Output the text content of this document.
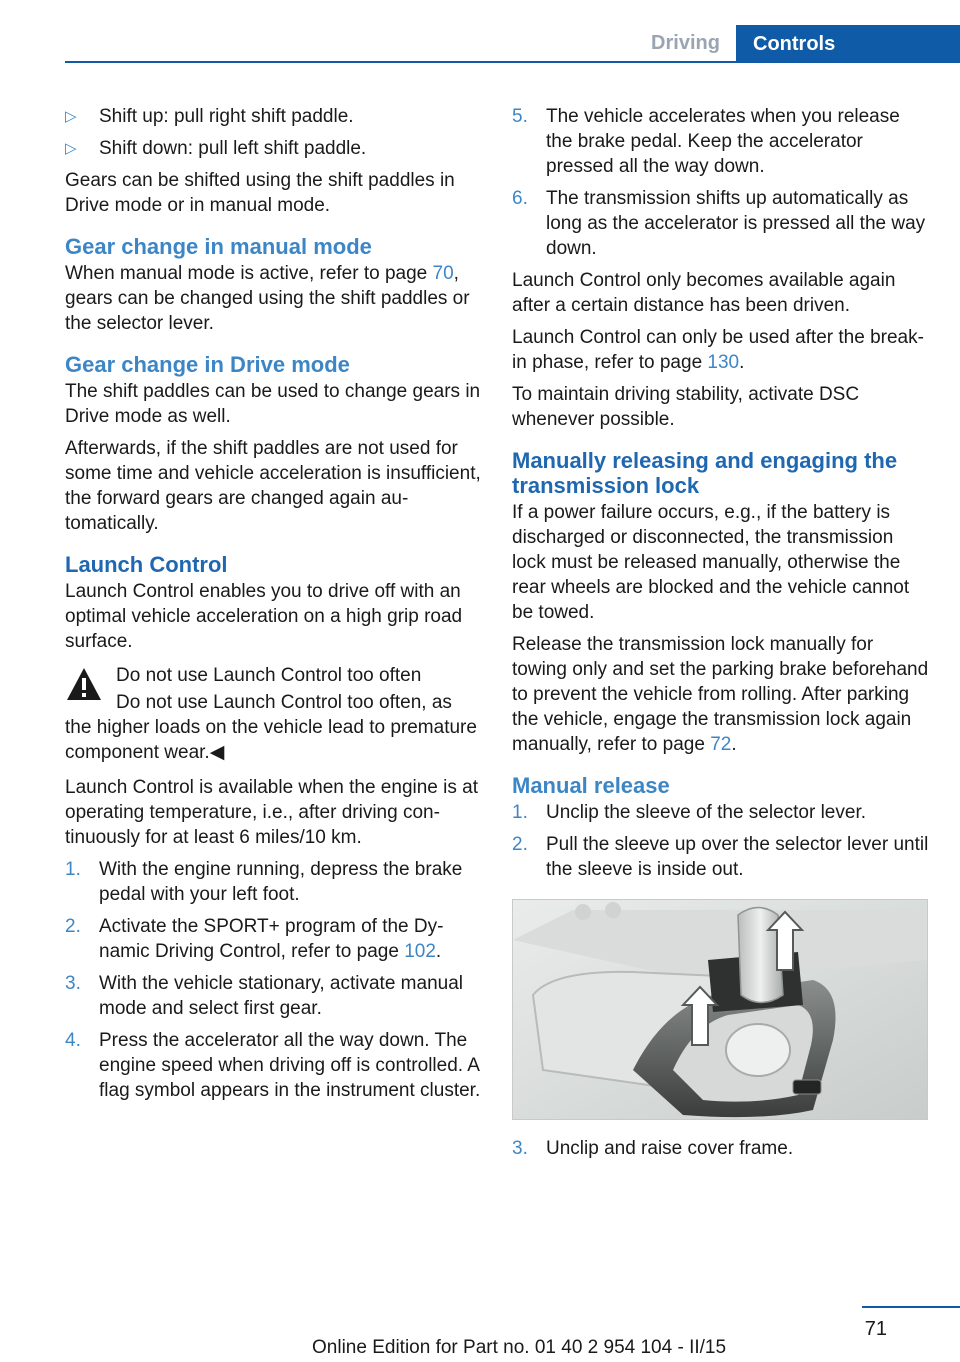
Driving	Controls
▷	Shift up: pull right shift paddle.
▷	Shift down: pull left shift paddle.

Gears can be shifted using the shift paddles in Drive mode or in manual mode.

Gear change in manual mode

When manual mode is active, refer to page 70, gears can be changed using the shift paddles or the selector lever.

Gear change in Drive mode

The shift paddles can be used to change gears in Drive mode as well.

Afterwards, if the shift paddles are not used for some time and vehicle acceleration is insufficient, the forward gears are changed again automatically.

Launch Control

Launch Control enables you to drive off with an optimal vehicle acceleration on a high grip road surface.

Do not use Launch Control too often
Do not use Launch Control too often, as the higher loads on the vehicle lead to premature component wear.◀

Launch Control is available when the engine is at operating temperature, i.e., after driving continuously for at least 6 miles/10 km.

1. With the engine running, depress the brake pedal with your left foot.
2. Activate the SPORT+ program of the Dynamic Driving Control, refer to page 102.
3. With the vehicle stationary, activate manual mode and select first gear.
4. Press the accelerator all the way down. The engine speed when driving off is controlled. A flag symbol appears in the instrument cluster.
5. The vehicle accelerates when you release the brake pedal. Keep the accelerator pressed all the way down.
6. The transmission shifts up automatically as long as the accelerator is pressed all the way down.

Launch Control only becomes available again after a certain distance has been driven.

Launch Control can only be used after the break-in phase, refer to page 130.

To maintain driving stability, activate DSC whenever possible.

Manually releasing and engaging the transmission lock

If a power failure occurs, e.g., if the battery is discharged or disconnected, the transmission lock must be released manually, otherwise the rear wheels are blocked and the vehicle cannot be towed.

Release the transmission lock manually for towing only and set the parking brake beforehand to prevent the vehicle from rolling. After parking the vehicle, engage the transmission lock again manually, refer to page 72.

Manual release
1. Unclip the sleeve of the selector lever.
2. Pull the sleeve up over the selector lever until the sleeve is inside out.
3. Unclip and raise cover frame.
71
Online Edition for Part no. 01 40 2 954 104 - II/15
